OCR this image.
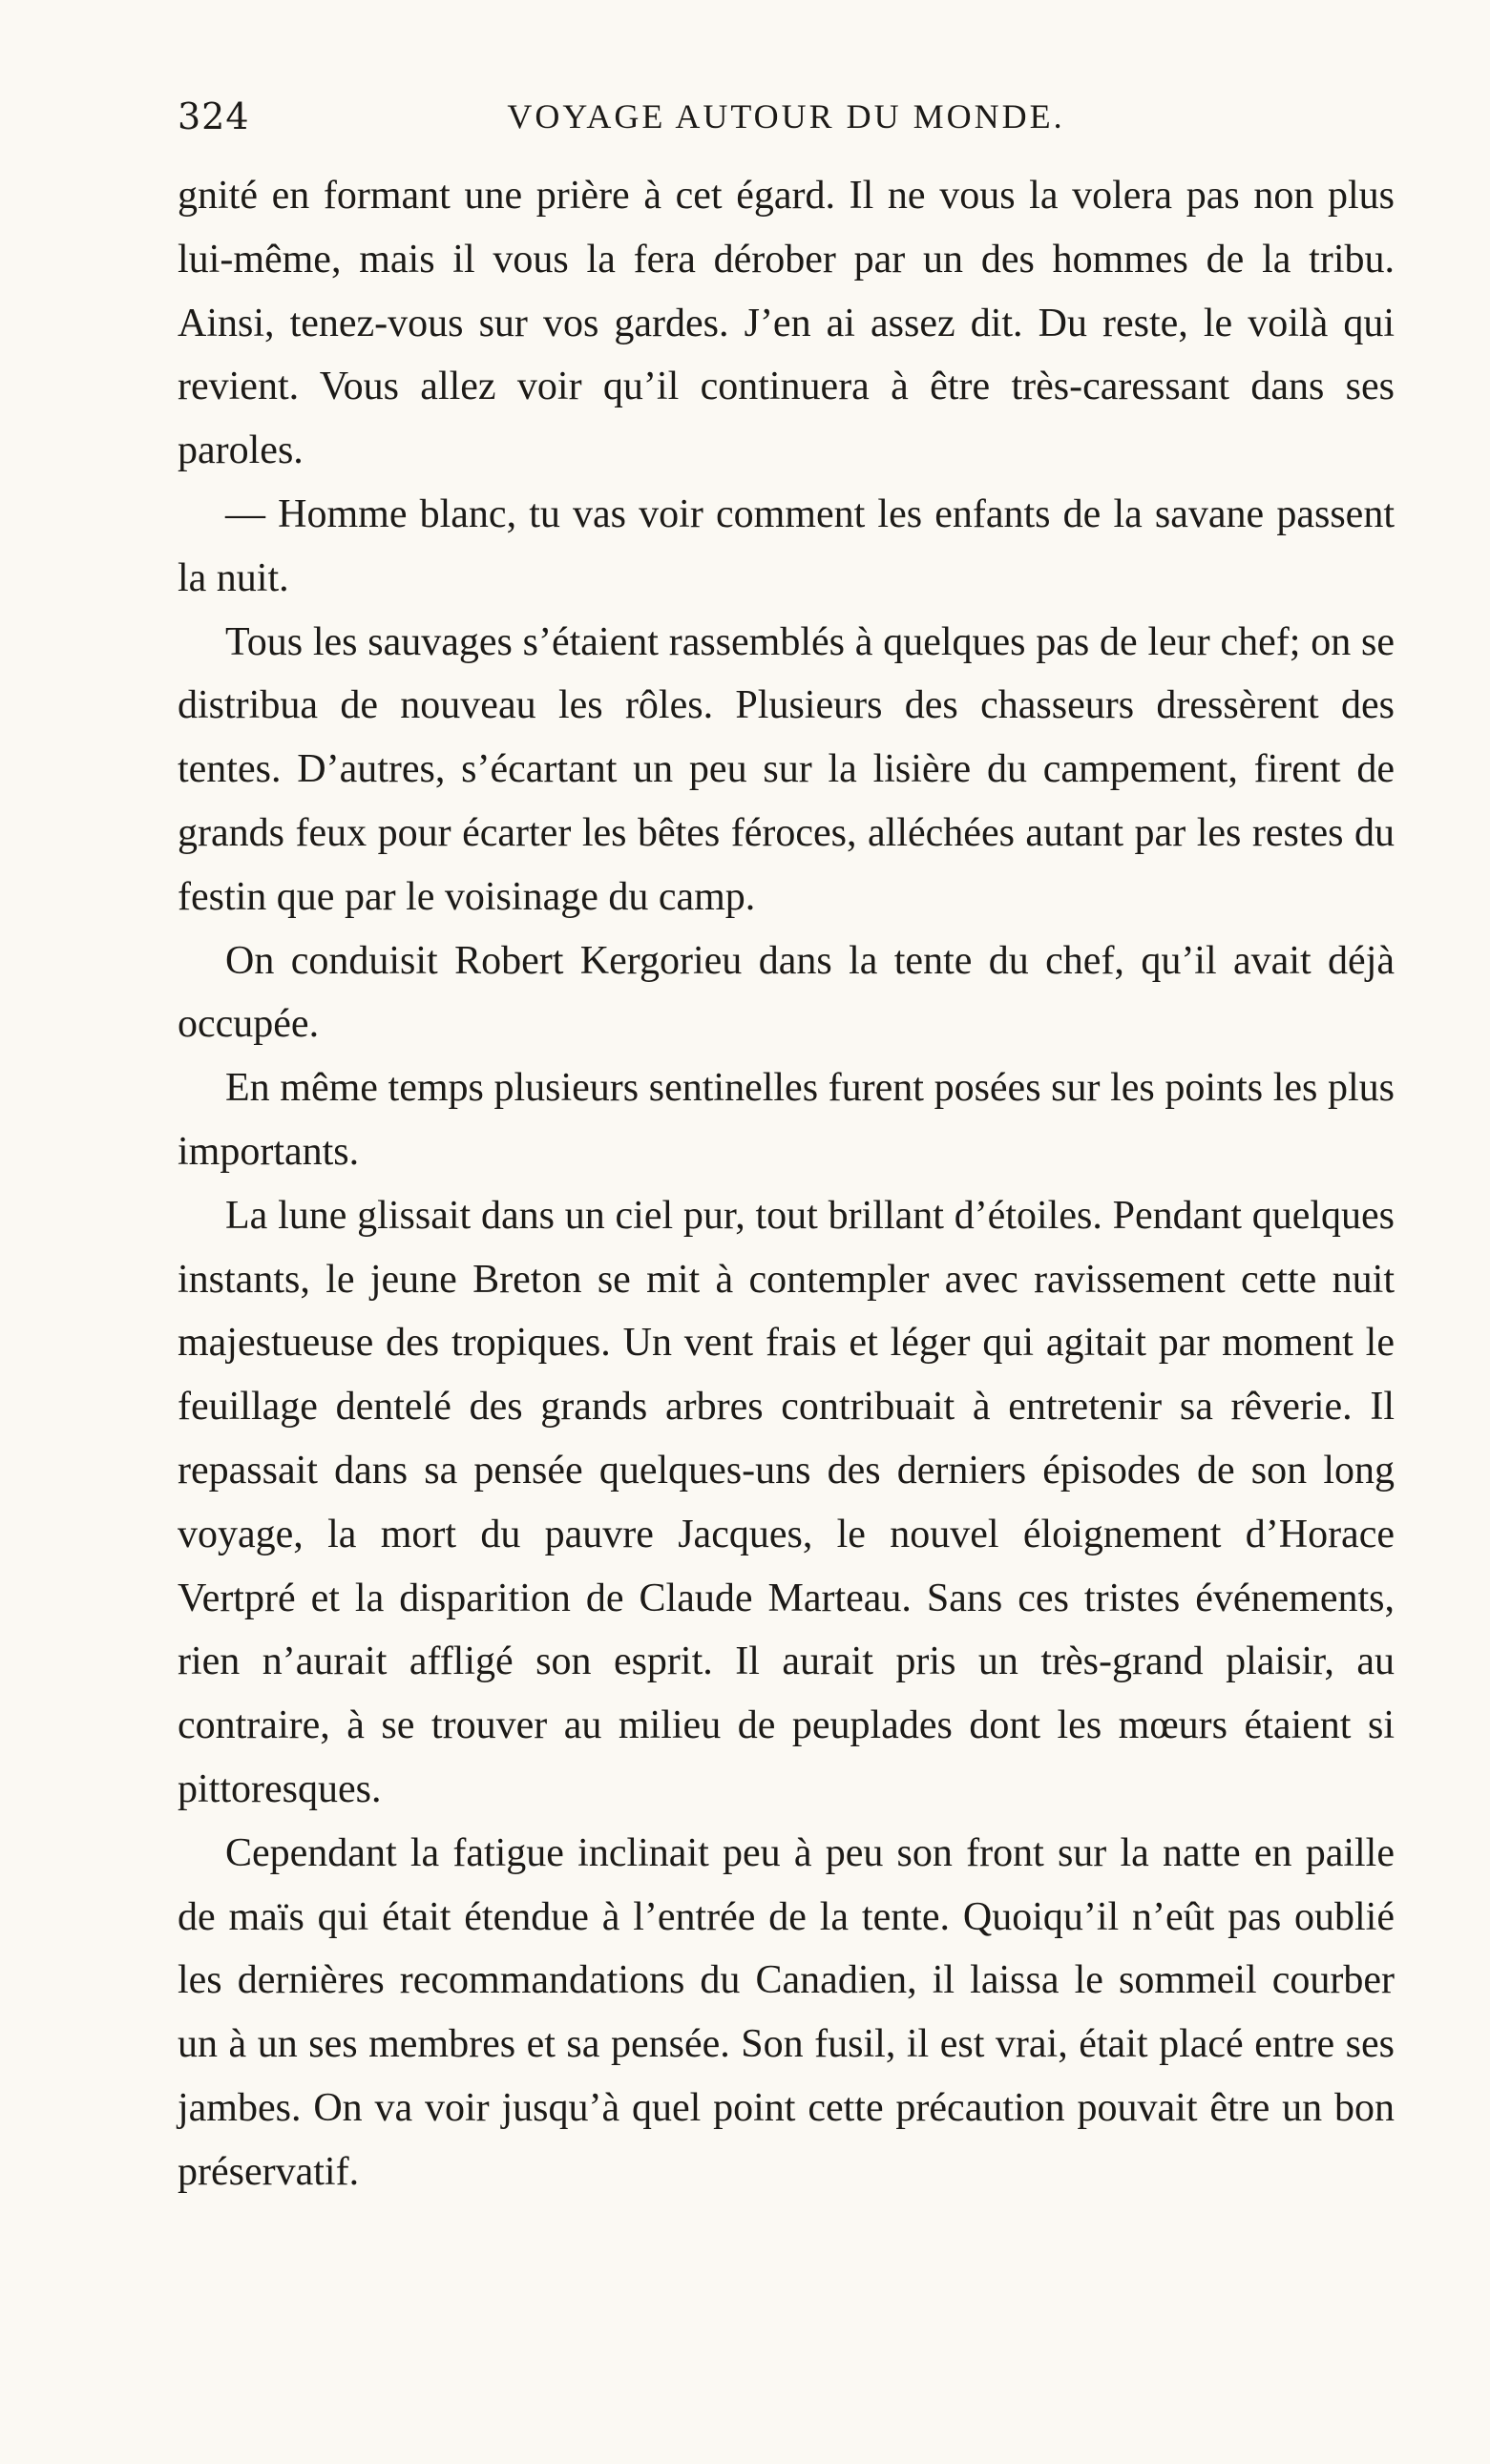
324	VOYAGE AUTOUR DU MONDE.

gnité en formant une prière à cet égard. Il ne vous la volera pas non plus lui-même, mais il vous la fera dérober par un des hommes de la tribu. Ainsi, tenez-vous sur vos gardes. J’en ai assez dit. Du reste, le voilà qui revient. Vous allez voir qu’il continuera à être très-caressant dans ses paroles.

— Homme blanc, tu vas voir comment les enfants de la savane passent la nuit.

Tous les sauvages s’étaient rassemblés à quelques pas de leur chef; on se distribua de nouveau les rôles. Plusieurs des chasseurs dressèrent des tentes. D’autres, s’écartant un peu sur la lisière du campement, firent de grands feux pour écarter les bêtes féroces, alléchées autant par les restes du festin que par le voisinage du camp.

On conduisit Robert Kergorieu dans la tente du chef, qu’il avait déjà occupée.

En même temps plusieurs sentinelles furent posées sur les points les plus importants.

La lune glissait dans un ciel pur, tout brillant d’étoiles. Pendant quelques instants, le jeune Breton se mit à contempler avec ravissement cette nuit majestueuse des tropiques. Un vent frais et léger qui agitait par moment le feuillage dentelé des grands arbres contribuait à entretenir sa rêverie. Il repassait dans sa pensée quelques-uns des derniers épisodes de son long voyage, la mort du pauvre Jacques, le nouvel éloignement d’Horace Vertpré et la disparition de Claude Marteau. Sans ces tristes événements, rien n’aurait affligé son esprit. Il aurait pris un très-grand plaisir, au contraire, à se trouver au milieu de peuplades dont les mœurs étaient si pittoresques.

Cependant la fatigue inclinait peu à peu son front sur la natte en paille de maïs qui était étendue à l’entrée de la tente. Quoiqu’il n’eût pas oublié les dernières recommandations du Canadien, il laissa le sommeil courber un à un ses membres et sa pensée. Son fusil, il est vrai, était placé entre ses jambes. On va voir jusqu’à quel point cette précaution pouvait être un bon préservatif.
